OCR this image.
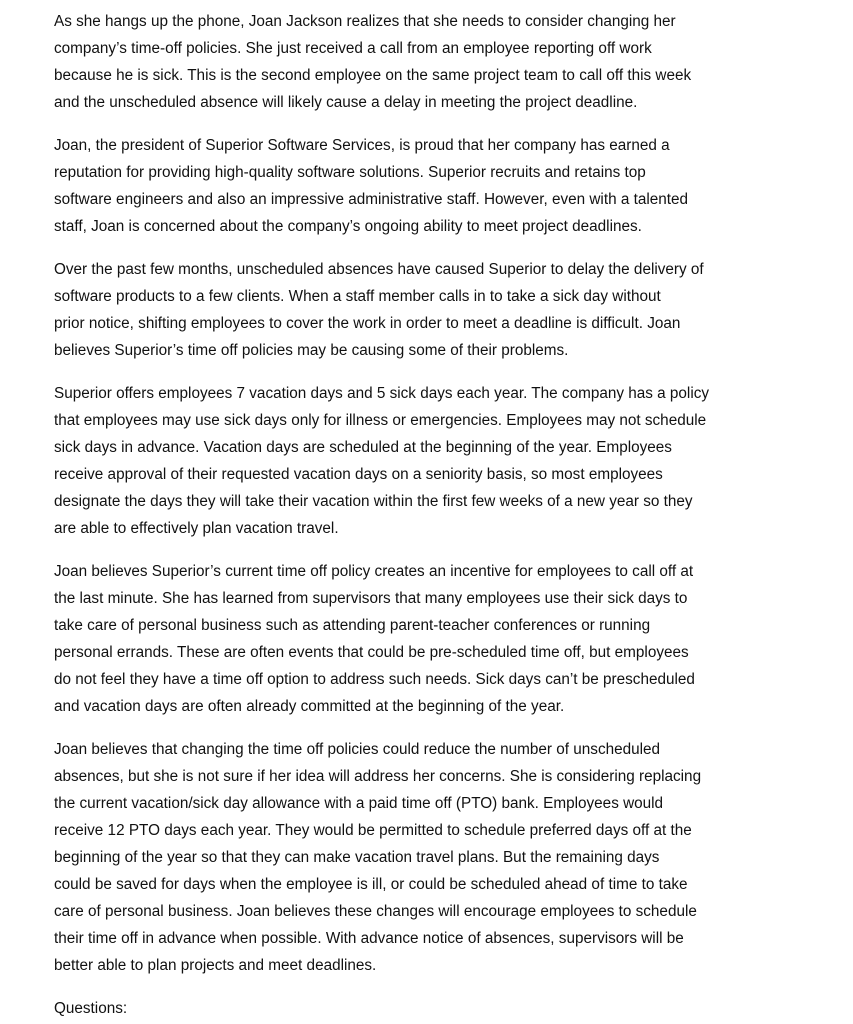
As she hangs up the phone, Joan Jackson realizes that she needs to consider changing her
company’s time-off policies. She just received a call from an employee reporting off work
because he is sick. This is the second employee on the same project team to call off this week
and the unscheduled absence will likely cause a delay in meeting the project deadline.
Joan, the president of Superior Software Services, is proud that her company has earned a
reputation for providing high-quality software solutions. Superior recruits and retains top
software engineers and also an impressive administrative staff. However, even with a talented
staff, Joan is concerned about the company’s ongoing ability to meet project deadlines.
Over the past few months, unscheduled absences have caused Superior to delay the delivery of
software products to a few clients. When a staff member calls in to take a sick day without
prior notice, shifting employees to cover the work in order to meet a deadline is difficult. Joan
believes Superior’s time off policies may be causing some of their problems.
Superior offers employees 7 vacation days and 5 sick days each year. The company has a policy
that employees may use sick days only for illness or emergencies. Employees may not schedule
sick days in advance. Vacation days are scheduled at the beginning of the year. Employees
receive approval of their requested vacation days on a seniority basis, so most employees
designate the days they will take their vacation within the first few weeks of a new year so they
are able to effectively plan vacation travel.
Joan believes Superior’s current time off policy creates an incentive for employees to call off at
the last minute. She has learned from supervisors that many employees use their sick days to
take care of personal business such as attending parent-teacher conferences or running
personal errands. These are often events that could be pre-scheduled time off, but employees
do not feel they have a time off option to address such needs. Sick days can’t be prescheduled
and vacation days are often already committed at the beginning of the year.
Joan believes that changing the time off policies could reduce the number of unscheduled
absences, but she is not sure if her idea will address her concerns. She is considering replacing
the current vacation/sick day allowance with a paid time off (PTO) bank. Employees would
receive 12 PTO days each year. They would be permitted to schedule preferred days off at the
beginning of the year so that they can make vacation travel plans. But the remaining days
could be saved for days when the employee is ill, or could be scheduled ahead of time to take
care of personal business. Joan believes these changes will encourage employees to schedule
their time off in advance when possible. With advance notice of absences, supervisors will be
better able to plan projects and meet deadlines.
Questions:
